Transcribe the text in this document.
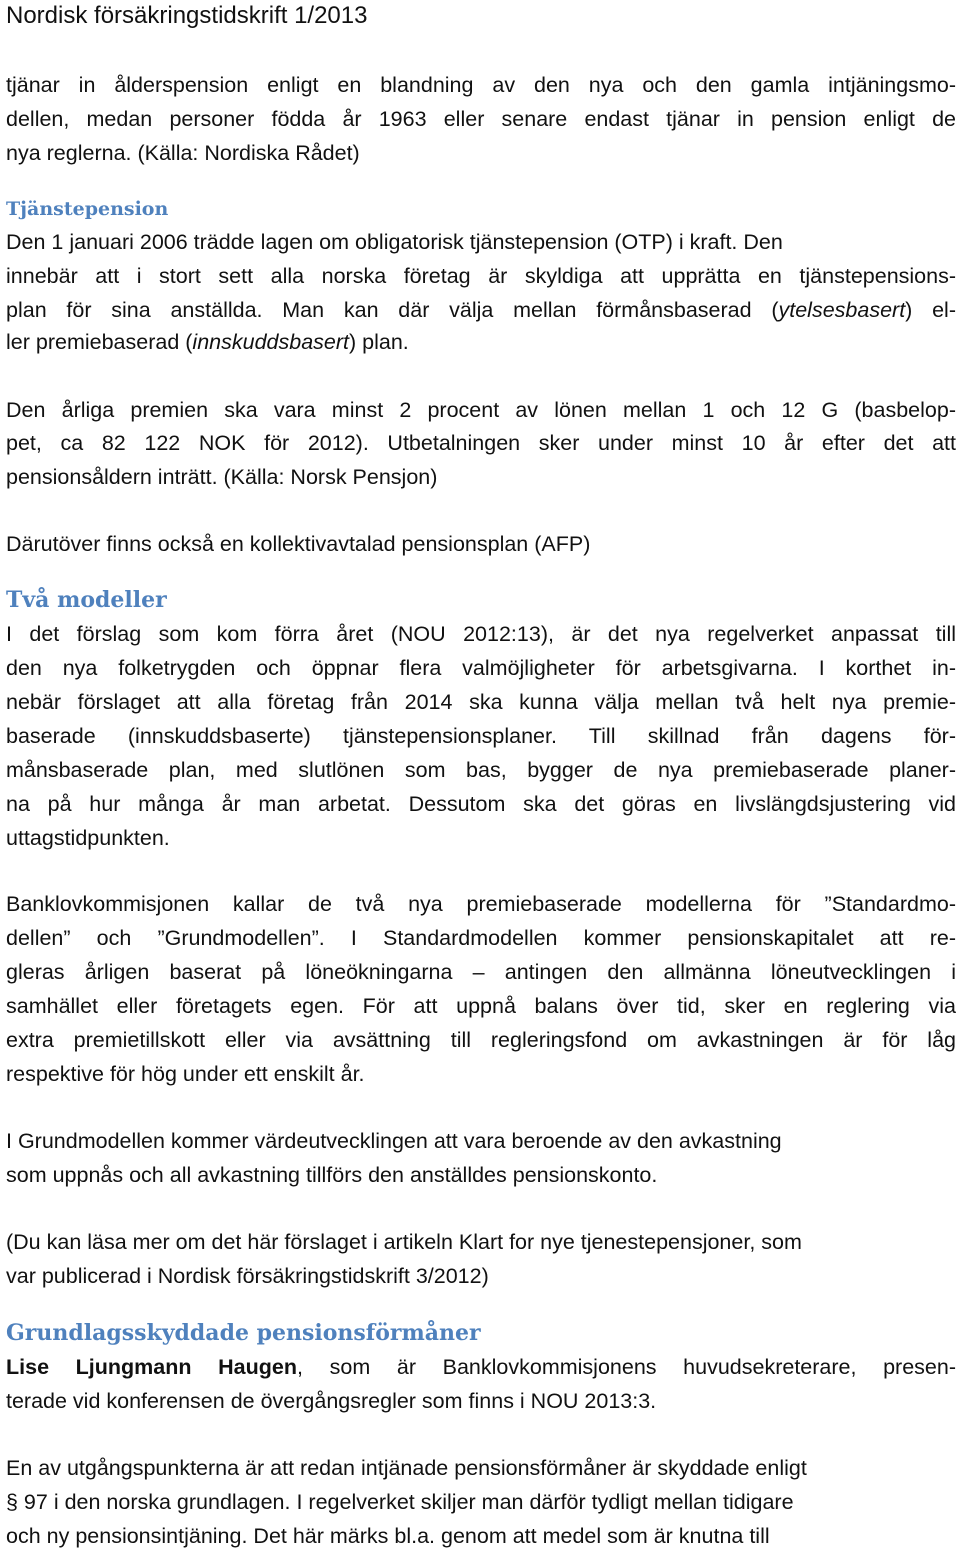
Nordisk försäkringstidskrift 1/2013
tjänar in ålderspension enligt en blandning av den nya och den gamla intjäningsmo-
dellen, medan personer födda år 1963 eller senare endast tjänar in pension enligt de
nya reglerna. (Källa: Nordiska Rådet)
Tjänstepension
Den 1 januari 2006 trädde lagen om obligatorisk tjänstepension (OTP) i kraft. Den
innebär att i stort sett alla norska företag är skyldiga att upprätta en tjänstepensions-
plan för sina anställda. Man kan där välja mellan förmånsbaserad (ytelsesbasert) el-
ler premiebaserad (innskuddsbasert) plan.
Den årliga premien ska vara minst 2 procent av lönen mellan 1 och 12 G (basbelop-
pet, ca 82 122 NOK för 2012). Utbetalningen sker under minst 10 år efter det att
pensionsåldern inträtt. (Källa: Norsk Pensjon)
Därutöver finns också en kollektivavtalad pensionsplan (AFP)
Två modeller
I det förslag som kom förra året (NOU 2012:13), är det nya regelverket anpassat till
den nya folketrygden och öppnar flera valmöjligheter för arbetsgivarna. I korthet in-
nebär förslaget att alla företag från 2014 ska kunna välja mellan två helt nya premie-
baserade (innskuddsbaserte) tjänstepensionsplaner. Till skillnad från dagens för-
månsbaserade plan, med slutlönen som bas, bygger de nya premiebaserade planer-
na på hur många år man arbetat. Dessutom ska det göras en livslängdsjustering vid
uttagstidpunkten.
Banklovkommisjonen kallar de två nya premiebaserade modellerna för ”Standardmo-
dellen” och ”Grundmodellen”. I Standardmodellen kommer pensionskapitalet att re-
gleras årligen baserat på löneökningarna – antingen den allmänna löneutvecklingen i
samhället eller företagets egen. För att uppnå balans över tid, sker en reglering via
extra premietillskott eller via avsättning till regleringsfond om avkastningen är för låg
respektive för hög under ett enskilt år.
I Grundmodellen kommer värdeutvecklingen att vara beroende av den avkastning
som uppnås och all avkastning tillförs den anställdes pensionskonto.
(Du kan läsa mer om det här förslaget i artikeln Klart for nye tjenestepensjoner, som
var publicerad i Nordisk försäkringstidskrift 3/2012)
Grundlagsskyddade pensionsförmåner
Lise Ljungmann Haugen, som är Banklovkommisjonens huvudsekreterare, presen-
terade vid konferensen de övergångsregler som finns i NOU 2013:3.
En av utgångspunkterna är att redan intjänade pensionsförmåner är skyddade enligt
§ 97 i den norska grundlagen. I regelverket skiljer man därför tydligt mellan tidigare
och ny pensionsintjäning. Det här märks bl.a. genom att medel som är knutna till
